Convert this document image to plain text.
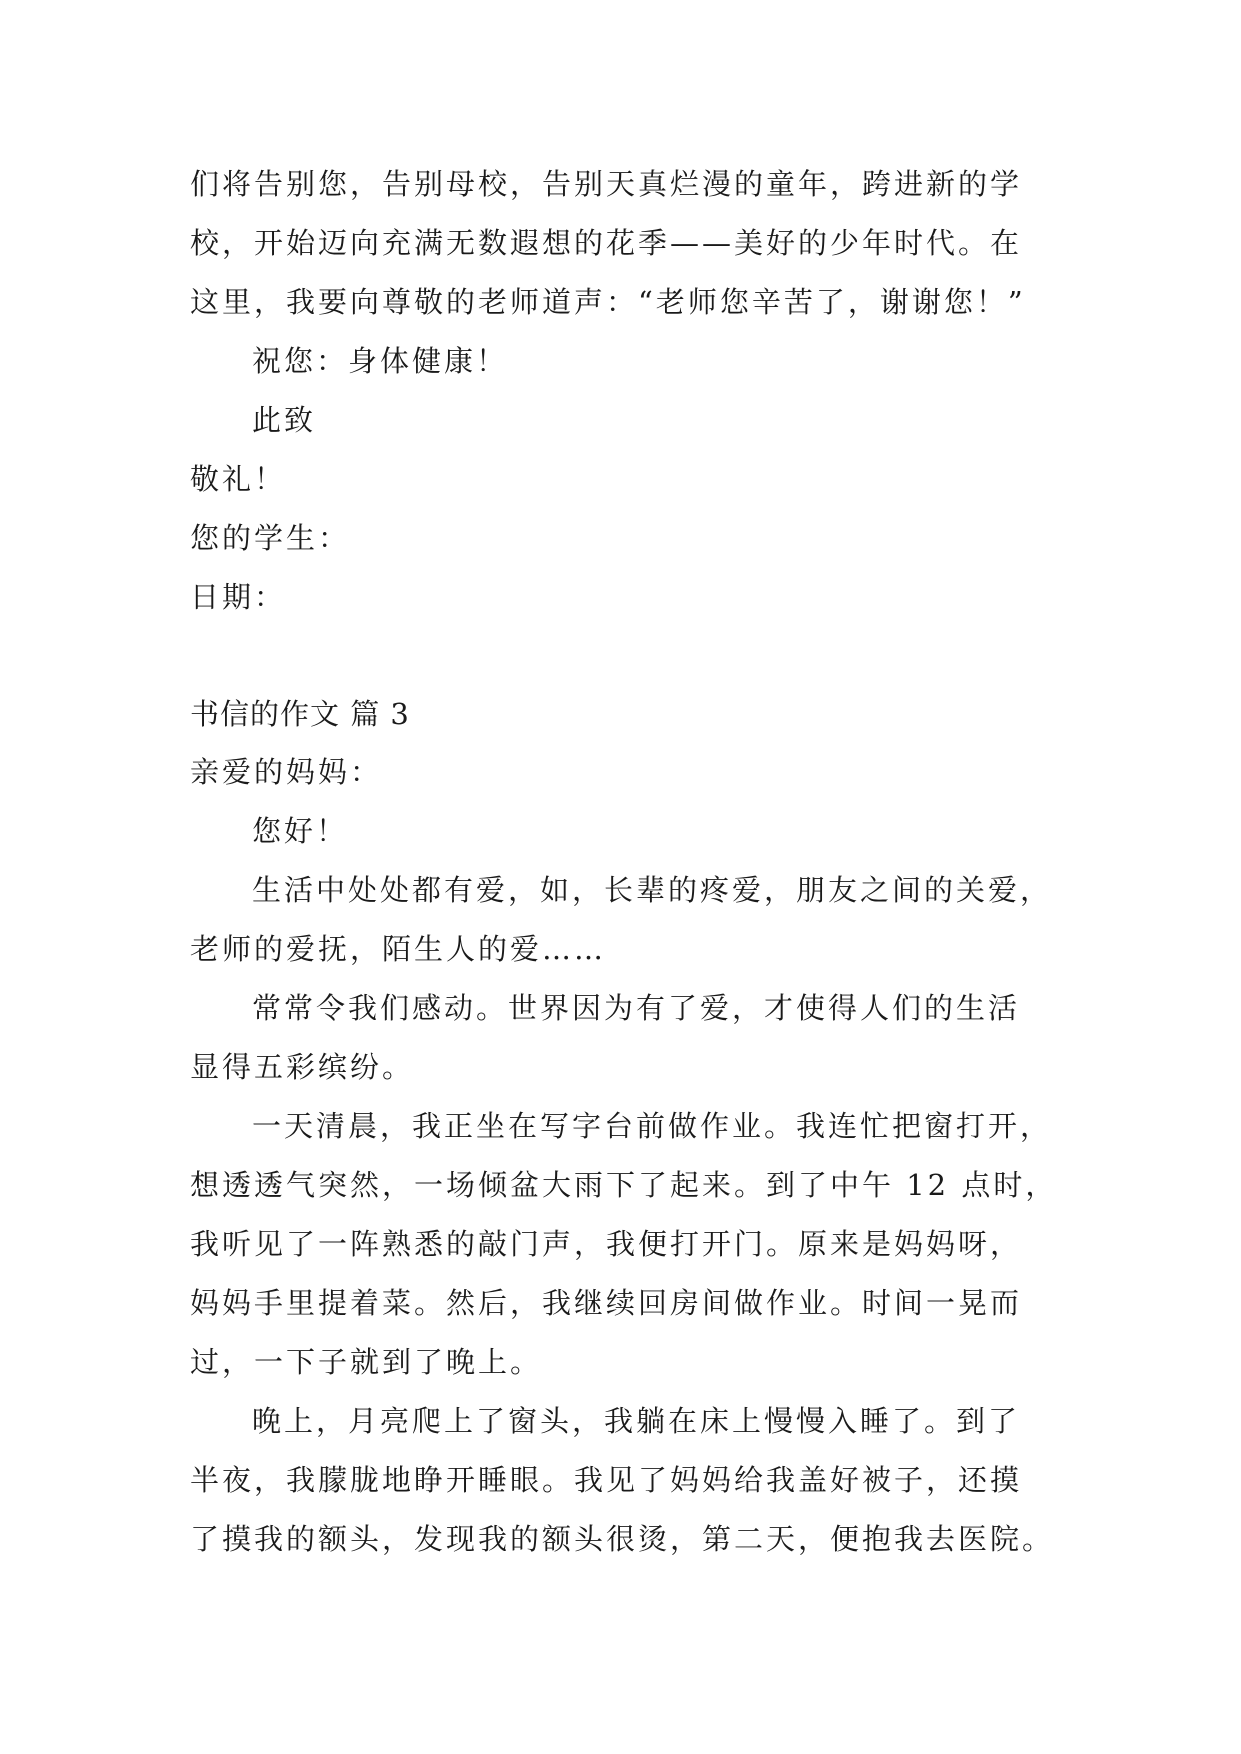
们将告别您，告别母校，告别天真烂漫的童年，跨进新的学
校，开始迈向充满无数遐想的花季——美好的少年时代。在
这里，我要向尊敬的老师道声：“老师您辛苦了，谢谢您！”
祝您：身体健康！
此致
敬礼！
您的学生：
日期：
书信的作文 篇 3
亲爱的妈妈：
您好！
生活中处处都有爱，如，长辈的疼爱，朋友之间的关爱，
老师的爱抚，陌生人的爱……
常常令我们感动。世界因为有了爱，才使得人们的生活
显得五彩缤纷。
一天清晨，我正坐在写字台前做作业。我连忙把窗打开，
想透透气突然，一场倾盆大雨下了起来。到了中午 12 点时，
我听见了一阵熟悉的敲门声，我便打开门。原来是妈妈呀，
妈妈手里提着菜。然后，我继续回房间做作业。时间一晃而
过，一下子就到了晚上。
晚上，月亮爬上了窗头，我躺在床上慢慢入睡了。到了
半夜，我朦胧地睁开睡眼。我见了妈妈给我盖好被子，还摸
了摸我的额头，发现我的额头很烫，第二天，便抱我去医院。
